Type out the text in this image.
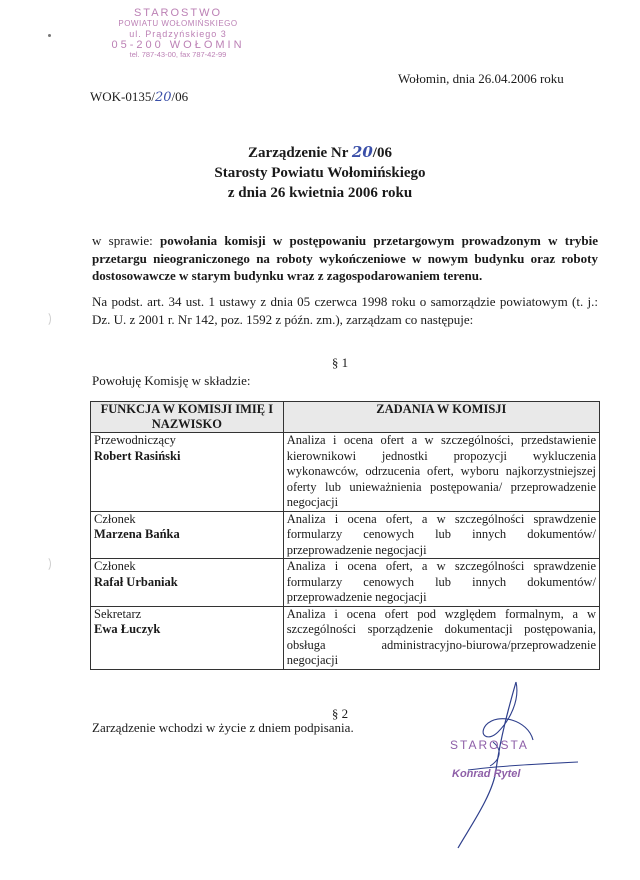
STAROSTWO
POWIATU WOŁOMIŃSKIEGO
ul. Prądzyńskiego 3
05-200 WOŁOMIN
tel. 787-43-00, fax 787-42-99
Wołomin, dnia 26.04.2006 roku
WOK-0135/20/06
Zarządzenie Nr 20/06
Starosty Powiatu Wołomińskiego
z dnia 26 kwietnia 2006 roku
w sprawie: powołania komisji w postępowaniu przetargowym prowadzonym w trybie przetargu nieograniczonego na roboty wykończeniowe w nowym budynku oraz roboty dostosowawcze w starym budynku wraz z zagospodarowaniem terenu.
Na podst. art. 34 ust. 1 ustawy z dnia 05 czerwca 1998 roku o samorządzie powiatowym (t. j.: Dz. U. z 2001 r. Nr 142, poz. 1592 z późn. zm.), zarządzam co następuje:
§ 1
Powołuję Komisję w składzie:
FUNKCJA W KOMISJI IMIĘ I NAZWISKO	ZADANIA W KOMISJI
Przewodniczący
Robert Rasiński	Analiza i ocena ofert a w szczególności, przedstawienie kierownikowi jednostki propozycji wykluczenia wykonawców, odrzucenia ofert, wyboru najkorzystniejszej oferty lub unieważnienia postępowania/ przeprowadzenie negocjacji
Członek
Marzena Bańka	Analiza i ocena ofert, a w szczególności sprawdzenie formularzy cenowych lub innych dokumentów/ przeprowadzenie negocjacji
Członek
Rafał Urbaniak	Analiza i ocena ofert, a w szczególności sprawdzenie formularzy cenowych lub innych dokumentów/ przeprowadzenie negocjacji
Sekretarz
Ewa Łuczyk	Analiza i ocena ofert pod względem formalnym, a w szczególności sporządzenie dokumentacji postępowania, obsługa administracyjno-biurowa/przeprowadzenie negocjacji
§ 2
Zarządzenie wchodzi w życie z dniem podpisania.
STAROSTA
Konrad Rytel
